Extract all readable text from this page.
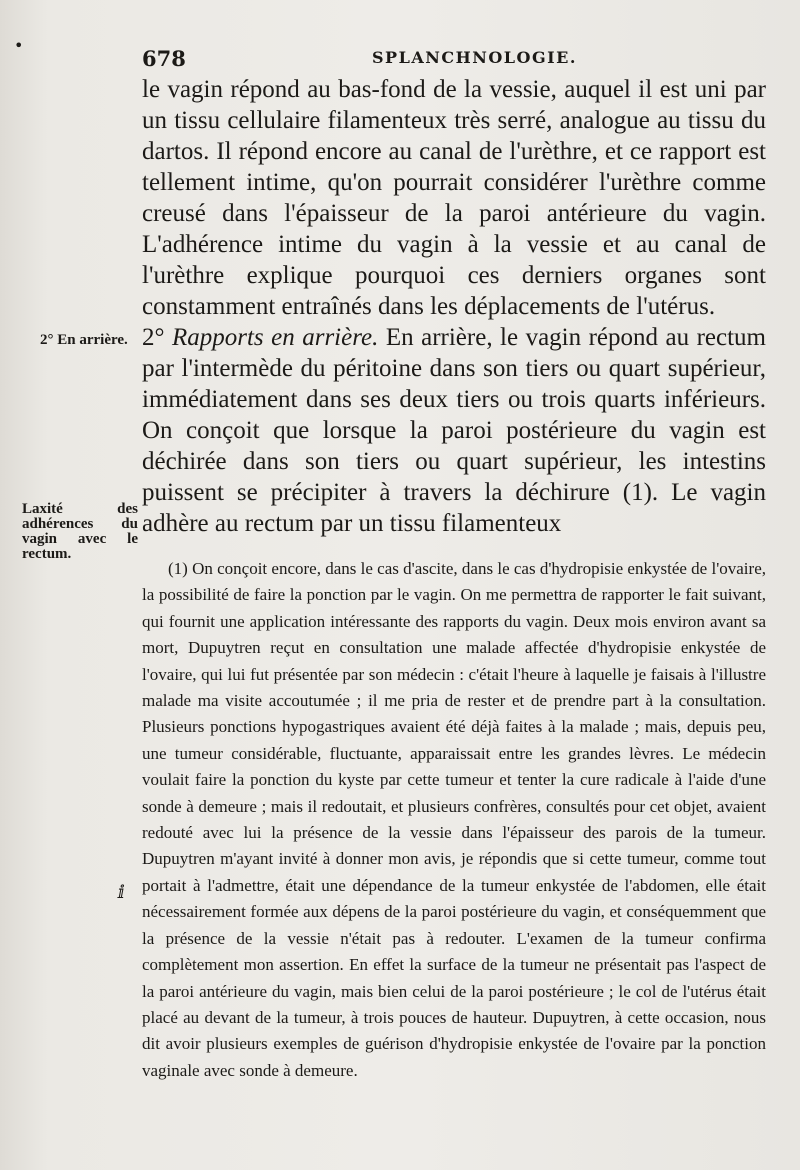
•
678	SPLANCHNOLOGIE.
2° En arrière.
Laxité des
adhérences du
vagin avec le
rectum.

le vagin répond au bas-fond de la vessie, auquel il est uni par un tissu cellulaire filamenteux très serré, analogue au tissu du dartos. Il répond encore au canal de l'urèthre, et ce rapport est tellement intime, qu'on pourrait considérer l'urèthre comme creusé dans l'épaisseur de la paroi antérieure du vagin. L'adhérence intime du vagin à la vessie et au canal de l'urèthre explique pourquoi ces derniers organes sont constamment entraînés dans les déplacements de l'utérus.

2° Rapports en arrière. En arrière, le vagin répond au rectum par l'intermède du péritoine dans son tiers ou quart supérieur, immédiatement dans ses deux tiers ou trois quarts inférieurs. On conçoit que lorsque la paroi postérieure du vagin est déchirée dans son tiers ou quart supérieur, les intestins puissent se précipiter à travers la déchirure (1). Le vagin adhère au rectum par un tissu filamenteux

(1) On conçoit encore, dans le cas d'ascite, dans le cas d'hydropisie enkystée de l'ovaire, la possibilité de faire la ponction par le vagin. On me permettra de rapporter le fait suivant, qui fournit une application intéressante des rapports du vagin. Deux mois environ avant sa mort, Dupuytren reçut en consultation une malade affectée d'hydropisie enkystée de l'ovaire, qui lui fut présentée par son médecin : c'était l'heure à laquelle je faisais à l'illustre malade ma visite accoutumée ; il me pria de rester et de prendre part à la consultation. Plusieurs ponctions hypogastriques avaient été déjà faites à la malade ; mais, depuis peu, une tumeur considérable, fluctuante, apparaissait entre les grandes lèvres. Le médecin voulait faire la ponction du kyste par cette tumeur et tenter la cure radicale à l'aide d'une sonde à demeure ; mais il redoutait, et plusieurs confrères, consultés pour cet objet, avaient redouté avec lui la présence de la vessie dans l'épaisseur des parois de la tumeur. Dupuytren m'ayant invité à donner mon avis, je répondis que si cette tumeur, comme tout portait à l'admettre, était une dépendance de la tumeur enkystée de l'abdomen, elle était nécessairement formée aux dépens de la paroi postérieure du vagin, et conséquemment que la présence de la vessie n'était pas à redouter. L'examen de la tumeur confirma complètement mon assertion. En effet la surface de la tumeur ne présentait pas l'aspect de la paroi antérieure du vagin, mais bien celui de la paroi postérieure ; le col de l'utérus était placé au devant de la tumeur, à trois pouces de hauteur. Dupuytren, à cette occasion, nous dit avoir plusieurs exemples de guérison d'hydropisie enkystée de l'ovaire par la ponction vaginale avec sonde à demeure.

ⅈ
